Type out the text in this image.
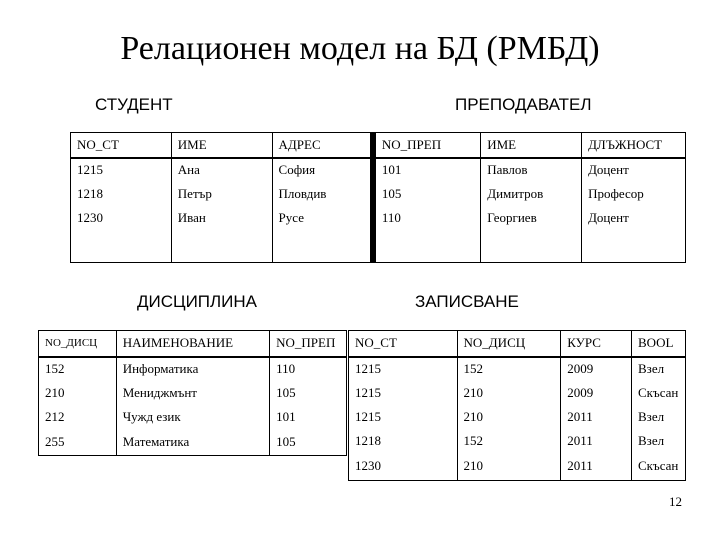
Релационен модел на БД (РМБД)
СТУДЕНТ	ПРЕПОДАВАТЕЛ
ДИСЦИПЛИНА	ЗАПИСВАНЕ
NO_CT	ИМЕ	АДРЕС	NO_ПРЕП	ИМЕ	ДЛЪЖНОСТ
1215	Ана	София	101	Павлов	Доцент
1218	Петър	Пловдив	105	Димитров	Професор
1230	Иван	Русе	110	Георгиев	Доцент

NO_ДИСЦ	НАИМЕНОВАНИЕ	NO_ПРЕП
152	Информатика	110
210	Мениджмънт	105
212	Чужд език	101
255	Математика	105
NO_CT	NO_ДИСЦ	КУРС	BOOL
1215	152	2009	Взел
1215	210	2009	Скъсан
1215	210	2011	Взел
1218	152	2011	Взел
1230	210	2011	Скъсан
12
